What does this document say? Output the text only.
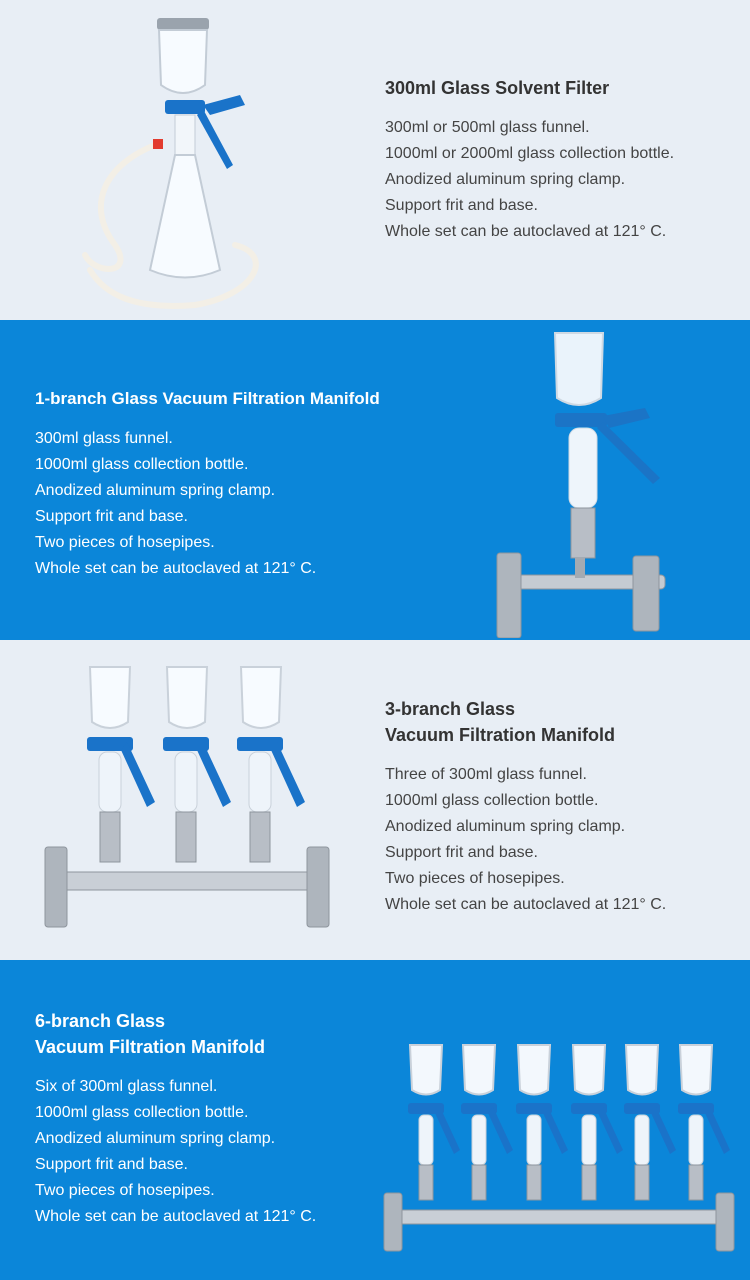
300ml Glass Solvent Filter
300ml or 500ml glass funnel.
1000ml or 2000ml glass collection bottle.
Anodized aluminum spring clamp.
Support frit and base.
Whole set can be autoclaved at 121° C.
1-branch Glass Vacuum Filtration Manifold
300ml glass funnel.
1000ml glass collection bottle.
Anodized aluminum spring clamp.
Support frit and base.
Two pieces of hosepipes.
Whole set can be autoclaved at 121° C.
3-branch Glass
Vacuum Filtration Manifold
Three of 300ml glass funnel.
1000ml glass collection bottle.
Anodized aluminum spring clamp.
Support frit and base.
Two pieces of hosepipes.
Whole set can be autoclaved at 121° C.
6-branch Glass
Vacuum Filtration Manifold
Six of 300ml glass funnel.
1000ml glass collection bottle.
Anodized aluminum spring clamp.
Support frit and base.
Two pieces of hosepipes.
Whole set can be autoclaved at 121° C.
